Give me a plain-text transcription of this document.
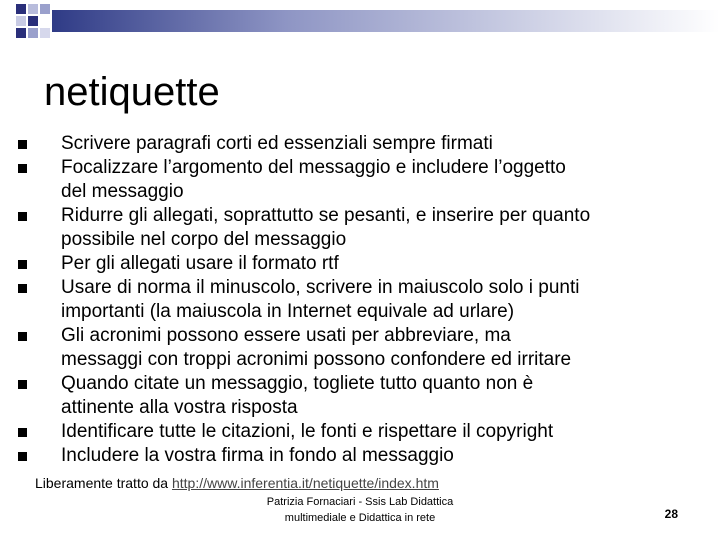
netiquette
Scrivere paragrafi corti ed essenziali sempre firmati
Focalizzare l’argomento del messaggio e includere l’oggetto
del messaggio
Ridurre gli allegati, soprattutto se pesanti, e inserire per quanto
possibile nel corpo del messaggio
Per gli allegati usare il formato rtf
Usare di norma il minuscolo, scrivere in maiuscolo solo i punti
importanti (la maiuscola in Internet equivale ad urlare)
Gli acronimi possono essere usati per abbreviare, ma
messaggi con troppi acronimi possono confondere ed irritare
Quando citate un messaggio, togliete tutto quanto non è
attinente alla vostra risposta
Identificare tutte le citazioni, le fonti e rispettare il copyright
Includere la vostra firma in fondo al messaggio
Liberamente tratto da http://www.inferentia.it/netiquette/index.htm
Patrizia Fornaciari - Ssis Lab Didattica
multimediale e Didattica in rete	28
